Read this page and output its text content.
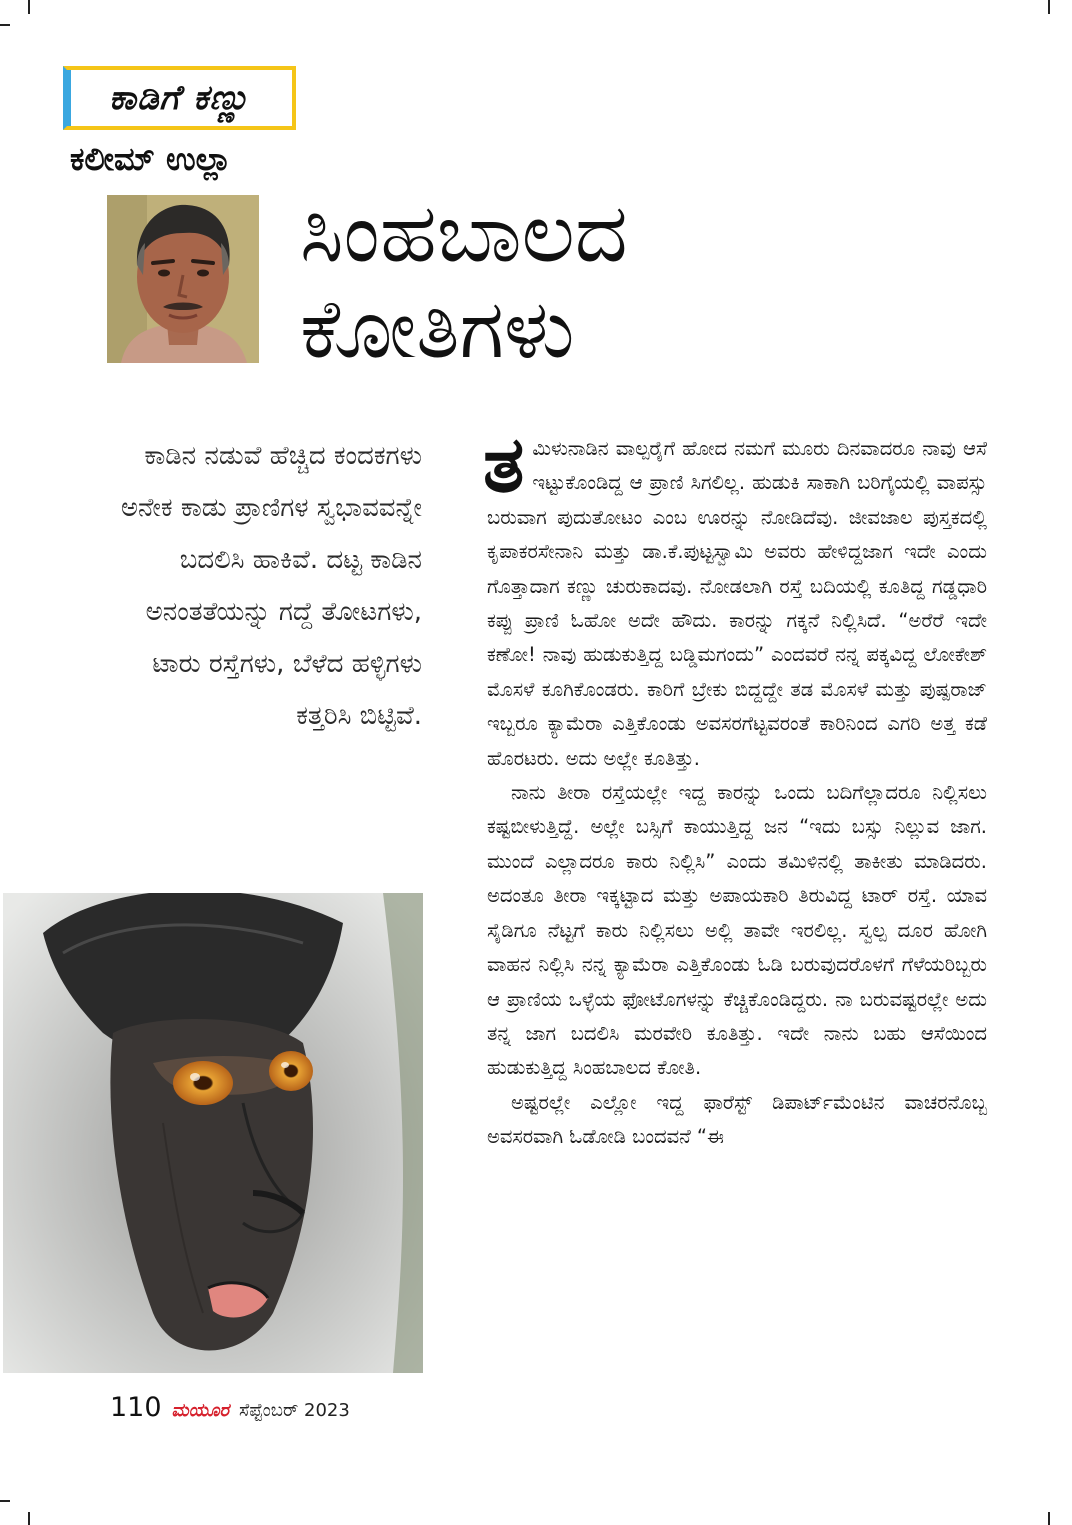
ಕಾಡಿಗೆ ಕಣ್ಣು
ಕಲೀಮ್ ಉಲ್ಲಾ
ಸಿಂಹಬಾಲದ
ಕೋತಿಗಳು
ಕಾಡಿನ ನಡುವೆ ಹೆಚ್ಚಿದ ಕಂದಕಗಳು ಅನೇಕ ಕಾಡು ಪ್ರಾಣಿಗಳ ಸ್ವಭಾವವನ್ನೇ ಬದಲಿಸಿ ಹಾಕಿವೆ. ದಟ್ಟ ಕಾಡಿನ ಅನಂತತೆಯನ್ನು ಗದ್ದೆ ತೋಟಗಳು, ಟಾರು ರಸ್ತೆಗಳು, ಬೆಳೆದ ಹಳ್ಳಿಗಳು ಕತ್ತರಿಸಿ ಬಿಟ್ಟಿವೆ.

ತಮಿಳುನಾಡಿನ ವಾಲ್ಪರೈಗೆ ಹೋದ ನಮಗೆ ಮೂರು ದಿನವಾದರೂ ನಾವು ಆಸೆ ಇಟ್ಟುಕೊಂಡಿದ್ದ ಆ ಪ್ರಾಣಿ ಸಿಗಲಿಲ್ಲ. ಹುಡುಕಿ ಸಾಕಾಗಿ ಬರಿಗೈಯಲ್ಲಿ ವಾಪಸ್ಸು ಬರುವಾಗ ಪುದುತೋಟಂ ಎಂಬ ಊರನ್ನು ನೋಡಿದೆವು. ಜೀವಜಾಲ ಪುಸ್ತಕದಲ್ಲಿ ಕೃಪಾಕರಸೇನಾನಿ ಮತ್ತು ಡಾ.ಕೆ.ಪುಟ್ಟಸ್ವಾಮಿ ಅವರು ಹೇಳಿದ್ದಜಾಗ ಇದೇ ಎಂದು ಗೊತ್ತಾದಾಗ ಕಣ್ಣು ಚುರುಕಾದವು. ನೋಡಲಾಗಿ ರಸ್ತೆ ಬದಿಯಲ್ಲಿ ಕೂತಿದ್ದ ಗಡ್ಡಧಾರಿ ಕಪ್ಪು ಪ್ರಾಣಿ ಓಹೋ ಅದೇ ಹೌದು. ಕಾರನ್ನು ಗಕ್ಕನೆ ನಿಲ್ಲಿಸಿದೆ. “ಅರೆರೆ ಇದೇ ಕಣೋ! ನಾವು ಹುಡುಕುತ್ತಿದ್ದ ಬಡ್ಡಿಮಗಂದು” ಎಂದವರೆ ನನ್ನ ಪಕ್ಕವಿದ್ದ ಲೋಕೇಶ್ ಮೊಸಳೆ ಕೂಗಿಕೊಂಡರು. ಕಾರಿಗೆ ಬ್ರೇಕು ಬಿದ್ದದ್ದೇ ತಡ ಮೊಸಳೆ ಮತ್ತು ಪುಷ್ಪರಾಜ್ ಇಬ್ಬರೂ ಕ್ಯಾಮೆರಾ ಎತ್ತಿಕೊಂಡು ಅವಸರಗೆಟ್ಟವರಂತೆ ಕಾರಿನಿಂದ ಎಗರಿ ಅತ್ತ ಕಡೆ ಹೊರಟರು. ಅದು ಅಲ್ಲೇ ಕೂತಿತ್ತು.

ನಾನು ತೀರಾ ರಸ್ತೆಯಲ್ಲೇ ಇದ್ದ ಕಾರನ್ನು ಒಂದು ಬದಿಗೆಲ್ಲಾದರೂ ನಿಲ್ಲಿಸಲು ಕಷ್ಟಬೀಳುತ್ತಿದ್ದೆ. ಅಲ್ಲೇ ಬಸ್ಸಿಗೆ ಕಾಯುತ್ತಿದ್ದ ಜನ “ಇದು ಬಸ್ಸು ನಿಲ್ಲುವ ಜಾಗ. ಮುಂದೆ ಎಲ್ಲಾದರೂ ಕಾರು ನಿಲ್ಲಿಸಿ” ಎಂದು ತಮಿಳಿನಲ್ಲಿ ತಾಕೀತು ಮಾಡಿದರು. ಅದಂತೂ ತೀರಾ ಇಕ್ಕಟ್ಟಾದ ಮತ್ತು ಅಪಾಯಕಾರಿ ತಿರುವಿದ್ದ ಟಾರ್ ರಸ್ತೆ. ಯಾವ ಸೈಡಿಗೂ ನೆಟ್ಟಗೆ ಕಾರು ನಿಲ್ಲಿಸಲು ಅಲ್ಲಿ ತಾವೇ ಇರಲಿಲ್ಲ. ಸ್ವಲ್ಪ ದೂರ ಹೋಗಿ ವಾಹನ ನಿಲ್ಲಿಸಿ ನನ್ನ ಕ್ಯಾಮೆರಾ ಎತ್ತಿಕೊಂಡು ಓಡಿ ಬರುವುದರೊಳಗೆ ಗೆಳೆಯರಿಬ್ಬರು ಆ ಪ್ರಾಣಿಯ ಒಳ್ಳೆಯ ಫೋಟೊಗಳನ್ನು ಕೆಚ್ಚಿಕೊಂಡಿದ್ದರು. ನಾ ಬರುವಷ್ಟರಲ್ಲೇ ಅದು ತನ್ನ ಜಾಗ ಬದಲಿಸಿ ಮರವೇರಿ ಕೂತಿತ್ತು. ಇದೇ ನಾನು ಬಹು ಆಸೆಯಿಂದ ಹುಡುಕುತ್ತಿದ್ದ ಸಿಂಹಬಾಲದ ಕೋತಿ.

ಅಷ್ಟರಲ್ಲೇ ಎಲ್ಲೋ ಇದ್ದ ಫಾರೆಸ್ಟ್ ಡಿಪಾರ್ಟ್‌ಮೆಂಟಿನ ವಾಚರನೊಬ್ಬ ಅವಸರವಾಗಿ ಓಡೋಡಿ ಬಂದವನೆ “ಈ

110 ಮಯೂರ ಸೆಪ್ಟೆಂಬರ್ 2023
